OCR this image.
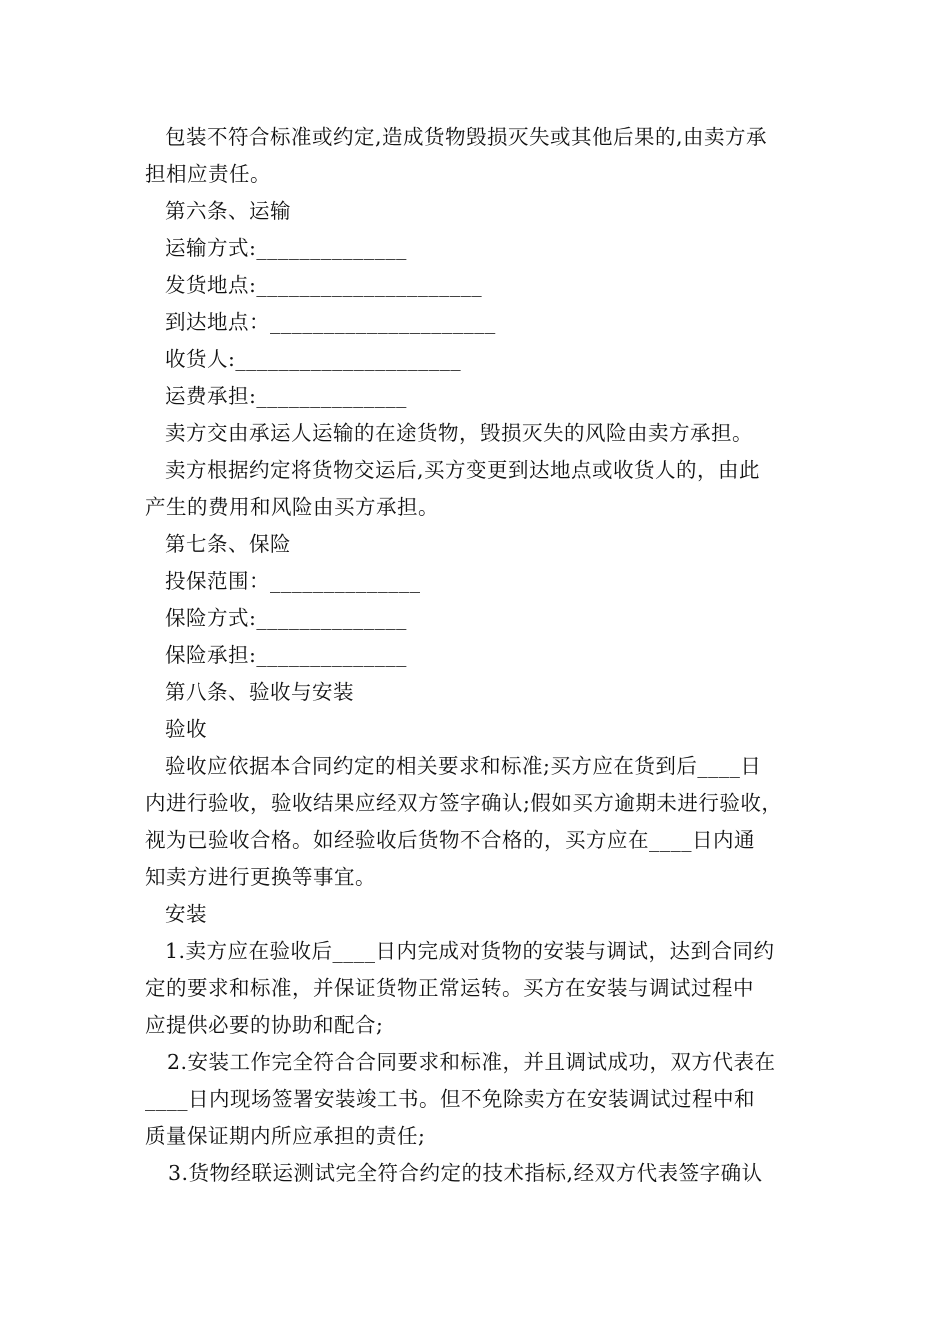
包装不符合标准或约定,造成货物毁损灭失或其他后果的,由卖方承
担相应责任。
第六条、运输
运输方式:______________
发货地点:_____________________
到达地点：_____________________
收货人:_____________________
运费承担:______________
卖方交由承运人运输的在途货物，毁损灭失的风险由卖方承担。
卖方根据约定将货物交运后,买方变更到达地点或收货人的，由此
产生的费用和风险由买方承担。
第七条、保险
投保范围：______________
保险方式:______________
保险承担:______________
第八条、验收与安装
验收
验收应依据本合同约定的相关要求和标准;买方应在货到后____日
内进行验收，验收结果应经双方签字确认;假如买方逾期未进行验收，
视为已验收合格。如经验收后货物不合格的，买方应在____日内通
知卖方进行更换等事宜。
安装
1.卖方应在验收后____日内完成对货物的安装与调试，达到合同约
定的要求和标准，并保证货物正常运转。买方在安装与调试过程中
应提供必要的协助和配合;
2.安装工作完全符合合同要求和标准，并且调试成功，双方代表在
____日内现场签署安装竣工书。但不免除卖方在安装调试过程中和
质量保证期内所应承担的责任;
3.货物经联运测试完全符合约定的技术指标,经双方代表签字确认
